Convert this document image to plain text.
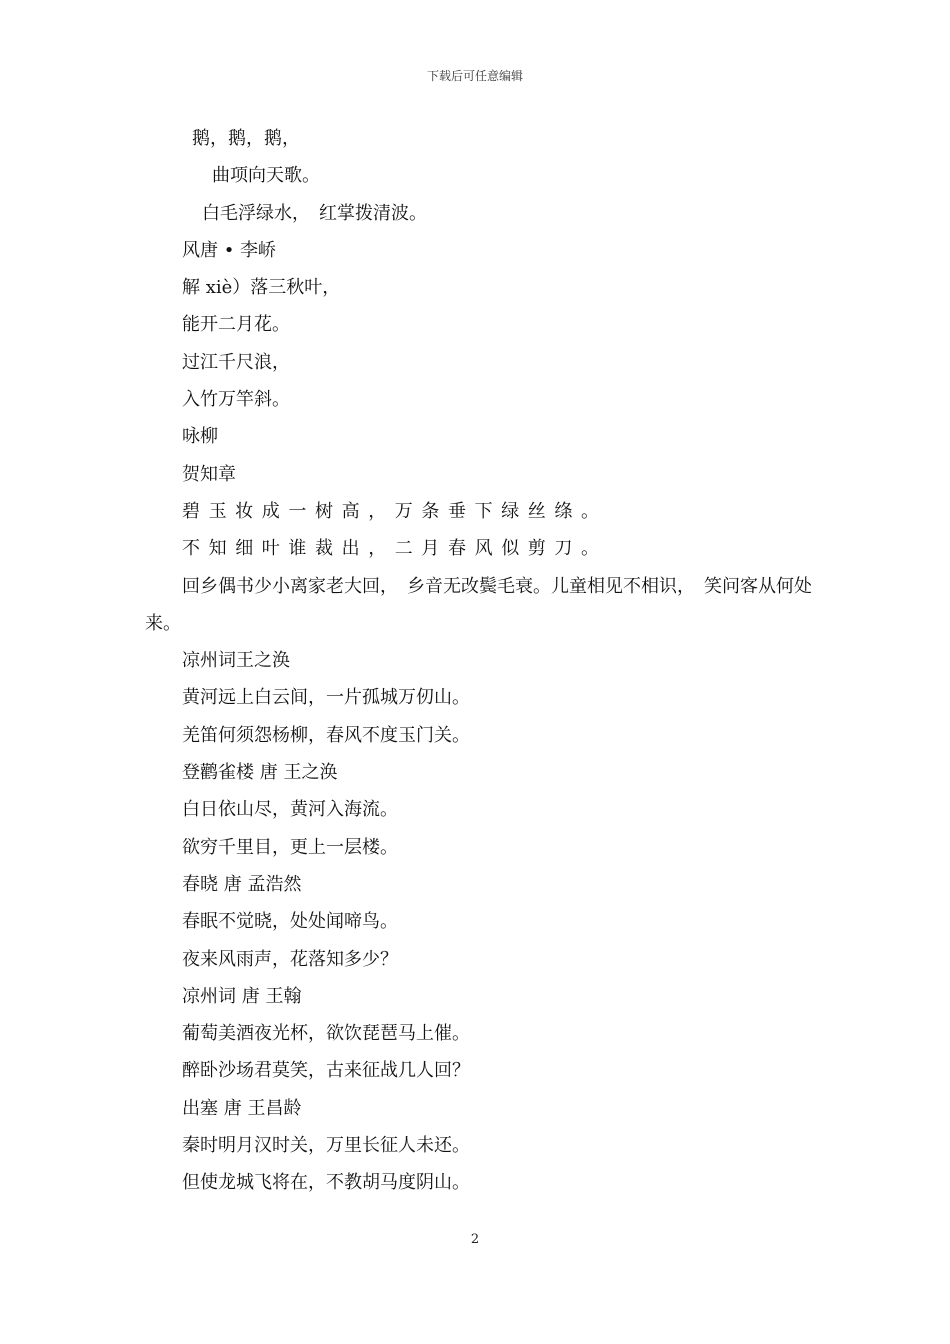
下载后可任意编辑
鹅，鹅，鹅，
曲项向天歌。
白毛浮绿水，　红掌拨清波。
风唐 • 李峤
解 xiè）落三秋叶，
能开二月花。
过江千尺浪，
入竹万竿斜。
咏柳
贺知章
碧玉妆成一树高，万条垂下绿丝绦。
不知细叶谁裁出，二月春风似剪刀。
回乡偶书少小离家老大回，　乡音无改鬓毛衰。儿童相见不相识，　笑问客从何处来。
凉州词王之涣
黄河远上白云间，一片孤城万仞山。
羌笛何须怨杨柳，春风不度玉门关。
登鹳雀楼 唐 王之涣
白日依山尽，黄河入海流。
欲穷千里目，更上一层楼。
春晓 唐 孟浩然
春眠不觉晓，处处闻啼鸟。
夜来风雨声，花落知多少？
凉州词 唐 王翰
葡萄美酒夜光杯，欲饮琵琶马上催。
醉卧沙场君莫笑，古来征战几人回？
出塞 唐 王昌龄
秦时明月汉时关，万里长征人未还。
但使龙城飞将在，不教胡马度阴山。
2
